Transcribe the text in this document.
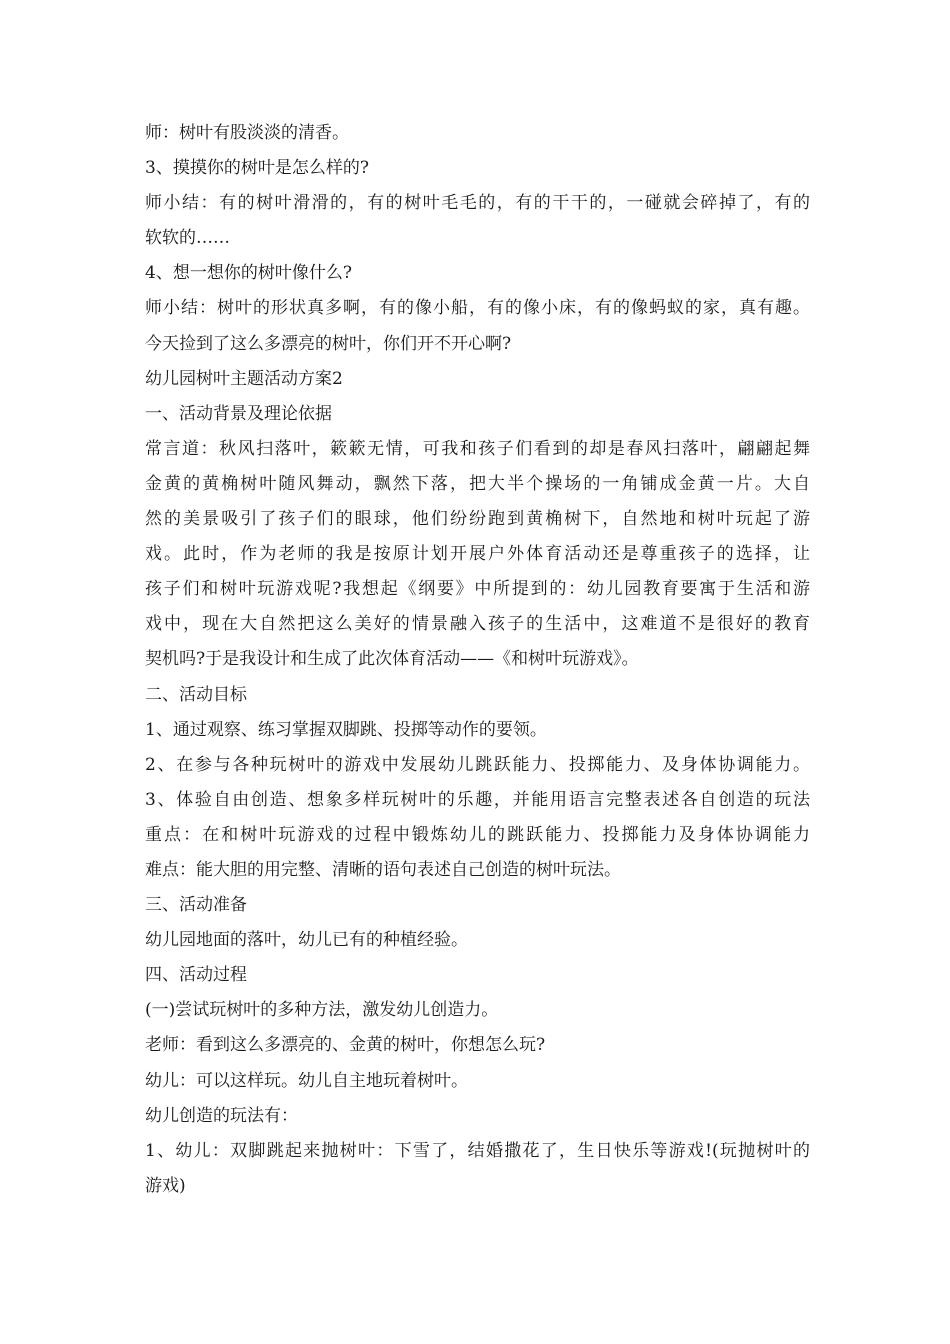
师：树叶有股淡淡的清香。
3、摸摸你的树叶是怎么样的?
师小结：有的树叶滑滑的，有的树叶毛毛的，有的干干的，一碰就会碎掉了，有的
软软的……
4、想一想你的树叶像什么?
师小结：树叶的形状真多啊，有的像小船，有的像小床，有的像蚂蚁的家，真有趣。
今天捡到了这么多漂亮的树叶，你们开不开心啊?
幼儿园树叶主题活动方案2
一、活动背景及理论依据
常言道：秋风扫落叶，簌簌无情，可我和孩子们看到的却是春风扫落叶，翩翩起舞
金黄的黄桷树叶随风舞动，飘然下落，把大半个操场的一角铺成金黄一片。大自
然的美景吸引了孩子们的眼球，他们纷纷跑到黄桷树下，自然地和树叶玩起了游
戏。此时，作为老师的我是按原计划开展户外体育活动还是尊重孩子的选择，让
孩子们和树叶玩游戏呢?我想起《纲要》中所提到的：幼儿园教育要寓于生活和游
戏中，现在大自然把这么美好的情景融入孩子的生活中，这难道不是很好的教育
契机吗?于是我设计和生成了此次体育活动——《和树叶玩游戏》。
二、活动目标
1、通过观察、练习掌握双脚跳、投掷等动作的要领。
2、在参与各种玩树叶的游戏中发展幼儿跳跃能力、投掷能力、及身体协调能力。
3、体验自由创造、想象多样玩树叶的乐趣，并能用语言完整表述各自创造的玩法
重点：在和树叶玩游戏的过程中锻炼幼儿的跳跃能力、投掷能力及身体协调能力
难点：能大胆的用完整、清晰的语句表述自己创造的树叶玩法。
三、活动准备
幼儿园地面的落叶，幼儿已有的种植经验。
四、活动过程
(一)尝试玩树叶的多种方法，激发幼儿创造力。
老师：看到这么多漂亮的、金黄的树叶，你想怎么玩?
幼儿：可以这样玩。幼儿自主地玩着树叶。
幼儿创造的玩法有：
1、幼儿：双脚跳起来抛树叶：下雪了，结婚撒花了，生日快乐等游戏!(玩抛树叶的
游戏)
